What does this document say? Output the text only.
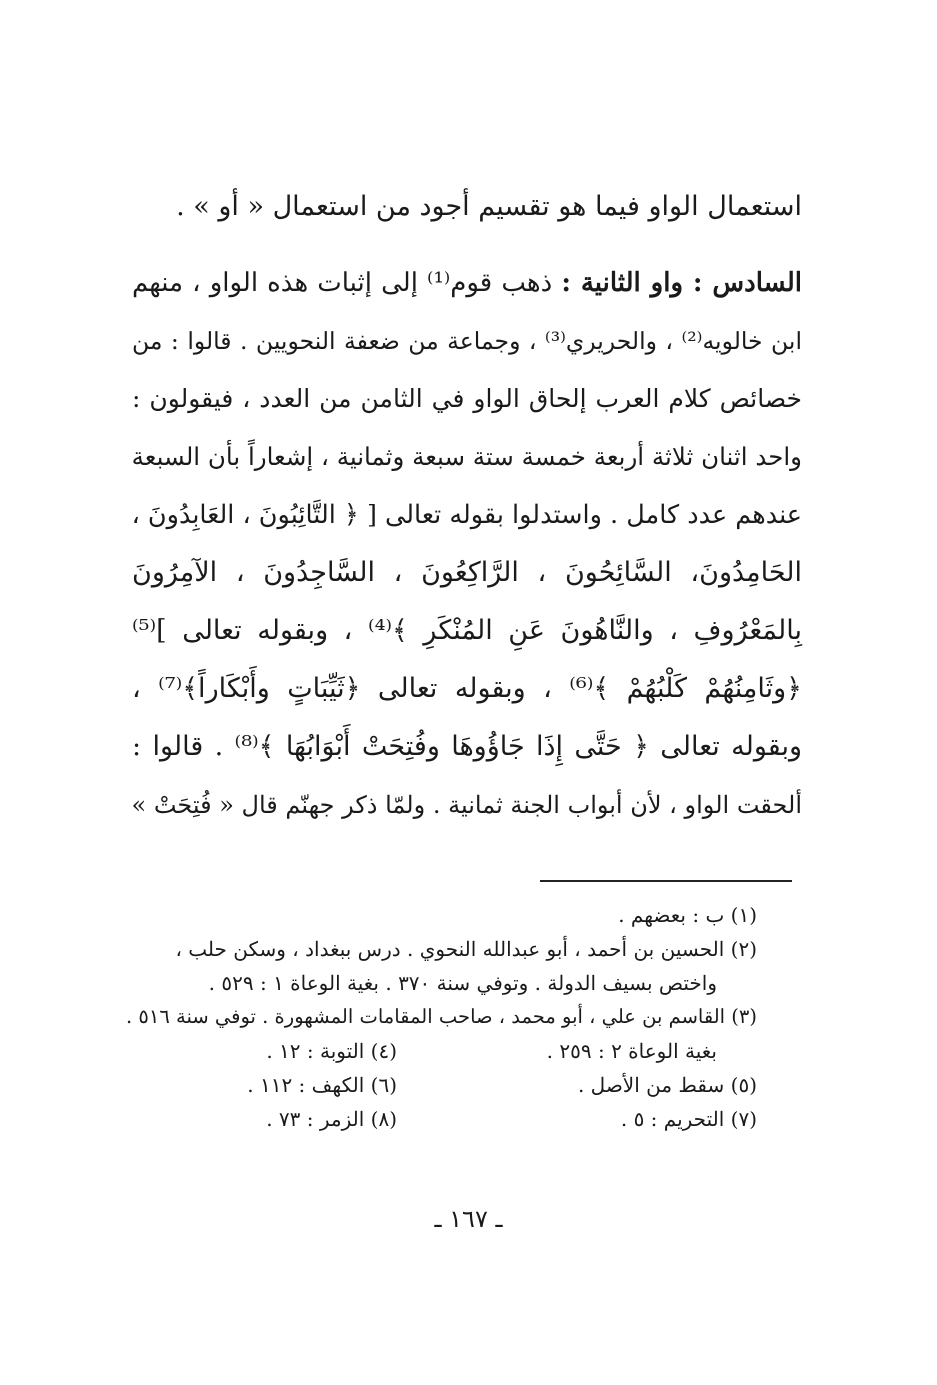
استعمال الواو فيما هو تقسيم أجود من استعمال « أو » .
السادس : واو الثانية : ذهب قوم⁽¹⁾ إلى إثبات هذه الواو ، منهم
ابن خالويه⁽²⁾ ، والحريري⁽³⁾ ، وجماعة من ضعفة النحويين . قالوا : من
خصائص كلام العرب إلحاق الواو في الثامن من العدد ، فيقولون :
واحد اثنان ثلاثة أربعة خمسة ستة سبعة وثمانية ، إشعاراً بأن السبعة
عندهم عدد كامل . واستدلوا بقوله تعالى [ ﴿ التَّائِبُونَ ، العَابِدُونَ ،
الحَامِدُونَ، السَّائِحُونَ ، الرَّاكِعُونَ ، السَّاجِدُونَ ، الآمِرُونَ
بِالمَعْرُوفِ ، والنَّاهُونَ عَنِ المُنْكَرِ ﴾⁽⁴⁾ ، وبقوله تعالى ]⁽⁵⁾
﴿وثَامِنُهُمْ كَلْبُهُمْ ﴾⁽⁶⁾ ، وبقوله تعالى ﴿ثَيِّبَاتٍ وأَبْكَاراً﴾⁽⁷⁾ ،
وبقوله تعالى ﴿ حَتَّى إِذَا جَاؤُوهَا وفُتِحَتْ أَبْوَابُهَا ﴾⁽⁸⁾ . قالوا :
ألحقت الواو ، لأن أبواب الجنة ثمانية . ولمّا ذكر جهنّم قال « فُتِحَتْ »
(١) ب : بعضهم .
(٢) الحسين بن أحمد ، أبو عبدالله النحوي . درس ببغداد ، وسكن حلب ،
واختص بسيف الدولة . وتوفي سنة ٣٧٠ . بغية الوعاة ١ : ٥٢٩ .
(٣) القاسم بن علي ، أبو محمد ، صاحب المقامات المشهورة . توفي سنة ٥١٦ .
بغية الوعاة ٢ : ٢٥٩ .
(٤) التوبة : ١٢ .
(٥) سقط من الأصل .
(٦) الكهف : ١١٢ .
(٧) التحريم : ٥ .
(٨) الزمر : ٧٣ .
ـ ١٦٧ ـ
